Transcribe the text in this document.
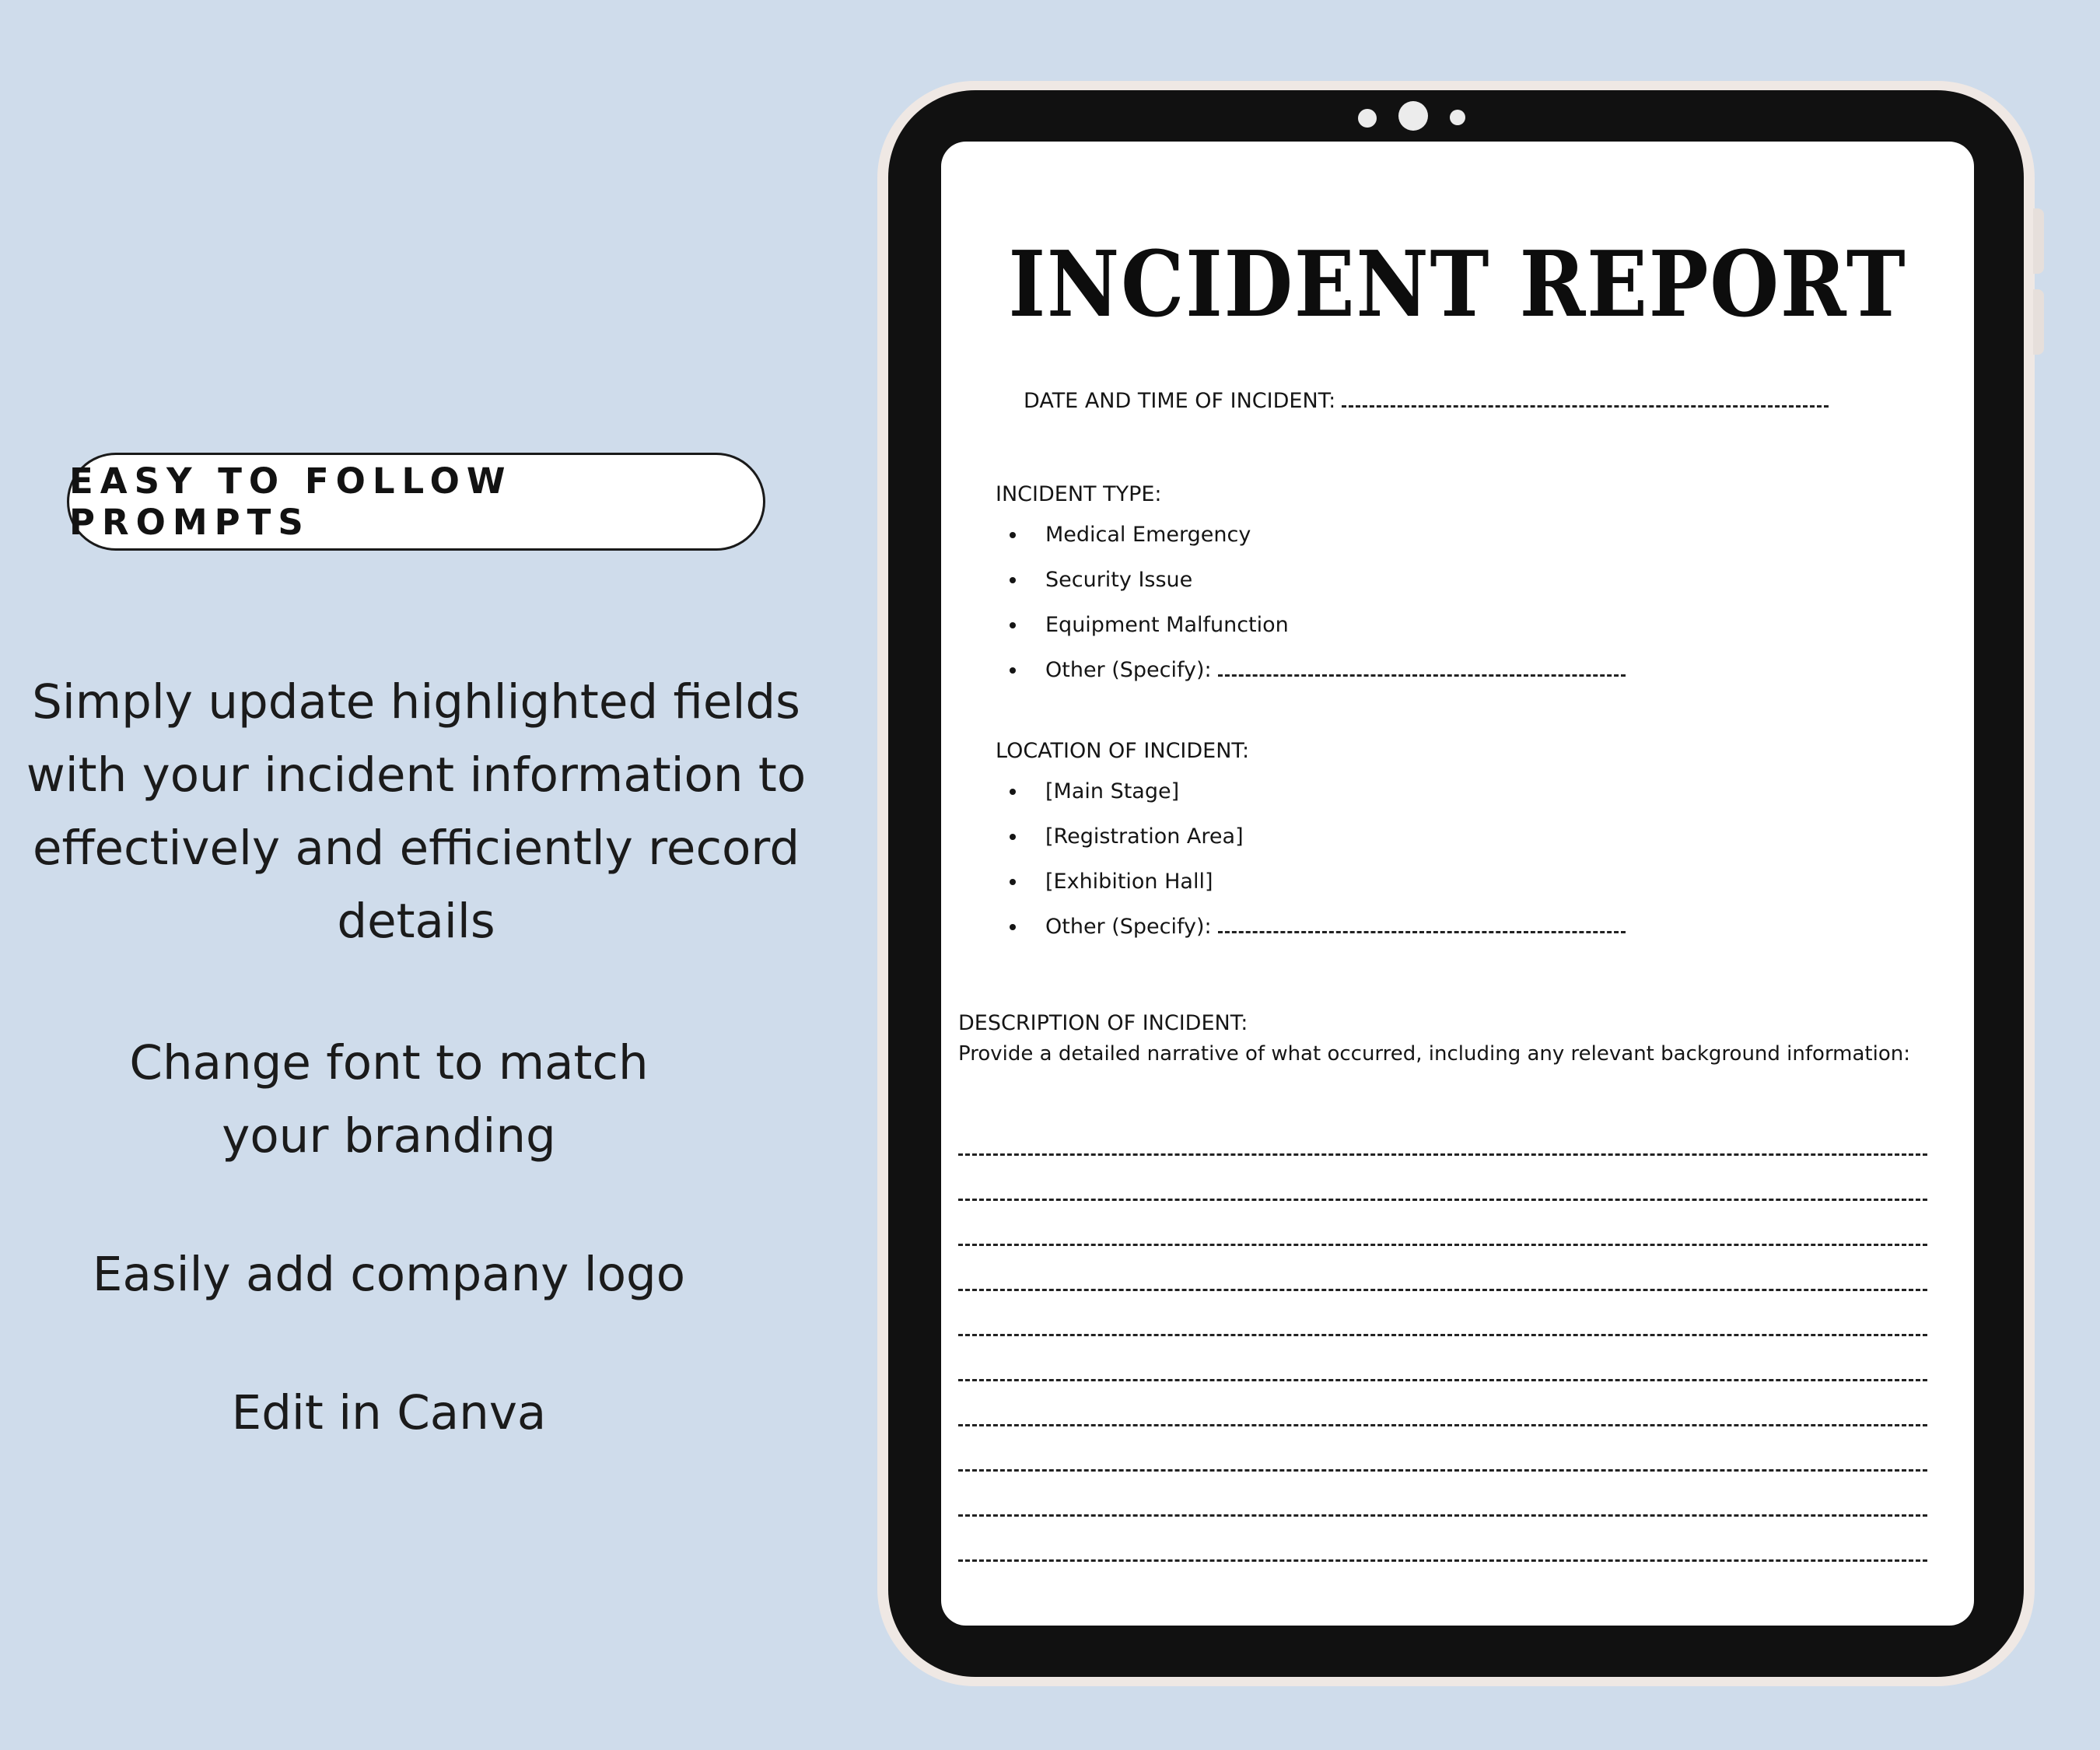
EASY TO FOLLOW PROMPTS

Simply update highlighted fields with your incident information to effectively and efficiently record details

Change font to match your branding

Easily add company logo

Edit in Canva

INCIDENT REPORT
DATE AND TIME OF INCIDENT:
INCIDENT TYPE:
Medical Emergency
Security Issue
Equipment Malfunction
Other (Specify):
LOCATION OF INCIDENT:
[Main Stage]
[Registration Area]
[Exhibition Hall]
Other (Specify):
DESCRIPTION OF INCIDENT:
Provide a detailed narrative of what occurred, including any relevant background information:
